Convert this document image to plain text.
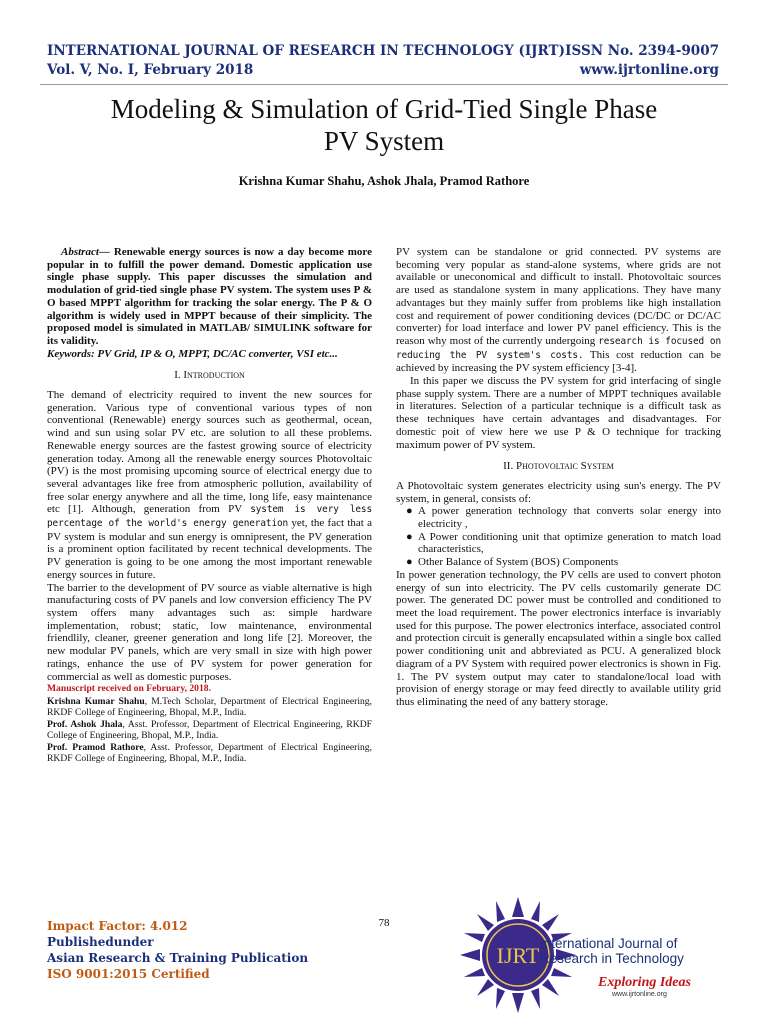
INTERNATIONAL JOURNAL OF RESEARCH IN TECHNOLOGY (IJRT)
Vol. V, No. I, February 2018
ISSN No. 2394-9007
www.ijrtonline.org
Modeling & Simulation of Grid-Tied Single Phase
PV System
Krishna Kumar Shahu, Ashok Jhala, Pramod Rathore

Abstract— Renewable energy sources is now a day become more popular in to fulfill the power demand. Domestic application use single phase supply. This paper discusses the simulation and modulation of grid-tied single phase PV system. The system uses P & O based MPPT algorithm for tracking the solar energy. The P & O algorithm is widely used in MPPT because of their simplicity. The proposed model is simulated in MATLAB/ SIMULINK software for its validity.

Keywords: PV Grid, IP & O, MPPT, DC/AC converter, VSI etc...

I. Introduction

The demand of electricity required to invent the new sources for generation. Various type of conventional various types of non conventional (Renewable) energy sources such as geothermal, ocean, wind and sun using solar PV etc. are solution to all these problems. Renewable energy sources are the fastest growing source of electricity generation today. Among all the renewable energy sources Photovoltaic (PV) is the most promising upcoming source of electrical energy due to several advantages like free from atmospheric pollution, availability of free solar energy anywhere and all the time, long life, easy maintenance etc [1]. Although, generation from PV system is very less percentage of the world's energy generation yet, the fact that a PV system is modular and sun energy is omnipresent, the PV generation is a prominent option facilitated by recent technical developments. The PV generation is going to be one among the most important renewable energy sources in future.

The barrier to the development of PV source as viable alternative is high manufacturing costs of PV panels and low conversion efficiency The PV system offers many advantages such as: simple hardware implementation, robust; static, low maintenance, environmental friendlily, cleaner, greener generation and long life [2]. Moreover, the new modular PV panels, which are very small in size with high power ratings, enhance the use of PV system for power generation for commercial as well as domestic purposes.

Manuscript received on February, 2018.

Krishna Kumar Shahu, M.Tech Scholar, Department of Electrical Engineering, RKDF College of Engineering, Bhopal, M.P., India.

Prof. Ashok Jhala, Asst. Professor, Department of Electrical Engineering, RKDF College of Engineering, Bhopal, M.P., India.

Prof. Pramod Rathore, Asst. Professor, Department of Electrical Engineering, RKDF College of Engineering, Bhopal, M.P., India.

PV system can be standalone or grid connected. PV systems are becoming very popular as stand-alone systems, where grids are not available or uneconomical and difficult to install. Photovoltaic sources are used as standalone system in many applications. They have many advantages but they mainly suffer from problems like high installation cost and requirement of power conditioning devices (DC/DC or DC/AC converter) for load interface and lower PV panel efficiency. This is the reason why most of the currently undergoing research is focused on reducing the PV system's costs. This cost reduction can be achieved by increasing the PV system efficiency [3-4].

In this paper we discuss the PV system for grid interfacing of single phase supply system. There are a number of MPPT techniques available in literatures. Selection of a particular technique is a difficult task as these techniques have certain advantages and disadvantages. For domestic poit of view here we use P & O technique for tracking maximum power of PV system.

II. Photovoltaic System

A Photovoltaic system generates electricity using sun's energy. The PV system, in general, consists of:

● A power generation technology that converts solar energy into electricity ,
● A Power conditioning unit that optimize generation to match load characteristics,
● Other Balance of System (BOS) Components

In power generation technology, the PV cells are used to convert photon energy of sun into electricity. The PV cells customarily generate DC power. The generated DC power must be controlled and conditioned to meet the load requirement. The power electronics interface is invariably used for this purpose. The power electronics interface, associated control and protection circuit is generally encapsulated within a single box called power conditioning unit and abbreviated as PCU. A generalized block diagram of a PV System with required power electronics is shown in Fig. 1. The PV system output may cater to standalone/local load with provision of energy storage or may feed directly to available utility grid thus eliminating the need of any battery storage.

78
Impact Factor: 4.012
Publishedunder
Asian Research & Training Publication
ISO 9001:2015 Certified
IJRT International Journal of
Research in Technology
Exploring Ideas
www.ijrtonline.org
